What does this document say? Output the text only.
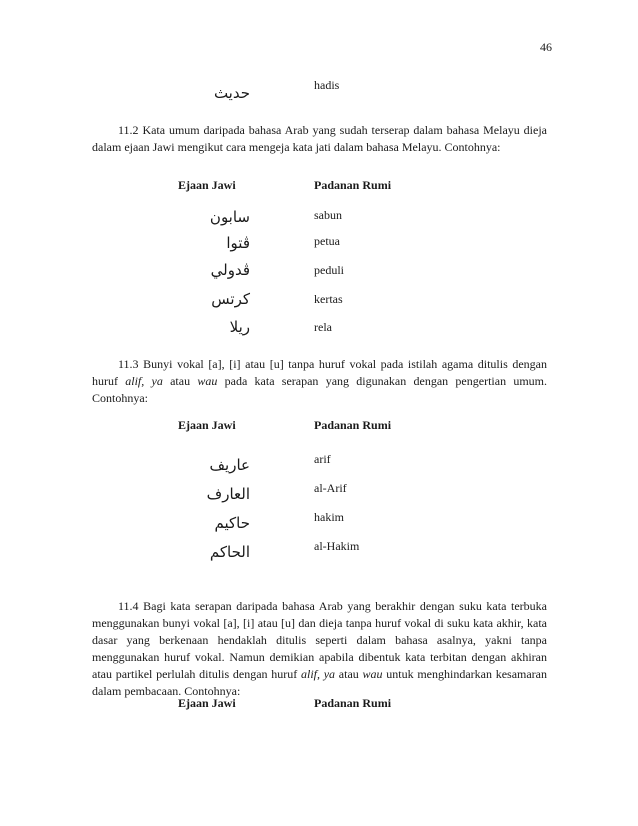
46
حديث	hadis

11.2 Kata umum daripada bahasa Arab yang sudah terserap dalam bahasa Melayu dieja dalam ejaan Jawi mengikut cara mengeja kata jati dalam bahasa Melayu. Contohnya:

Ejaan Jawi	Padanan Rumi
سابون	sabun
ڤتوا	petua
ڤدولي	peduli
كرتس	kertas
ريلا	rela

11.3 Bunyi vokal [a], [i] atau [u] tanpa huruf vokal pada istilah agama ditulis dengan huruf alif, ya atau wau pada kata serapan yang digunakan dengan pengertian umum. Contohnya:

Ejaan Jawi	Padanan Rumi
عاريف	arif
العارف	al-Arif
حاكيم	hakim
الحاكم	al-Hakim

11.4 Bagi kata serapan daripada bahasa Arab yang berakhir dengan suku kata terbuka menggunakan bunyi vokal [a], [i] atau [u] dan dieja tanpa huruf vokal di suku kata akhir, kata dasar yang berkenaan hendaklah ditulis seperti dalam bahasa asalnya, yakni tanpa menggunakan huruf vokal. Namun demikian apabila dibentuk kata terbitan dengan akhiran atau partikel perlulah ditulis dengan huruf alif, ya atau wau untuk menghindarkan kesamaran dalam pembacaan. Contohnya:

Ejaan Jawi	Padanan Rumi
